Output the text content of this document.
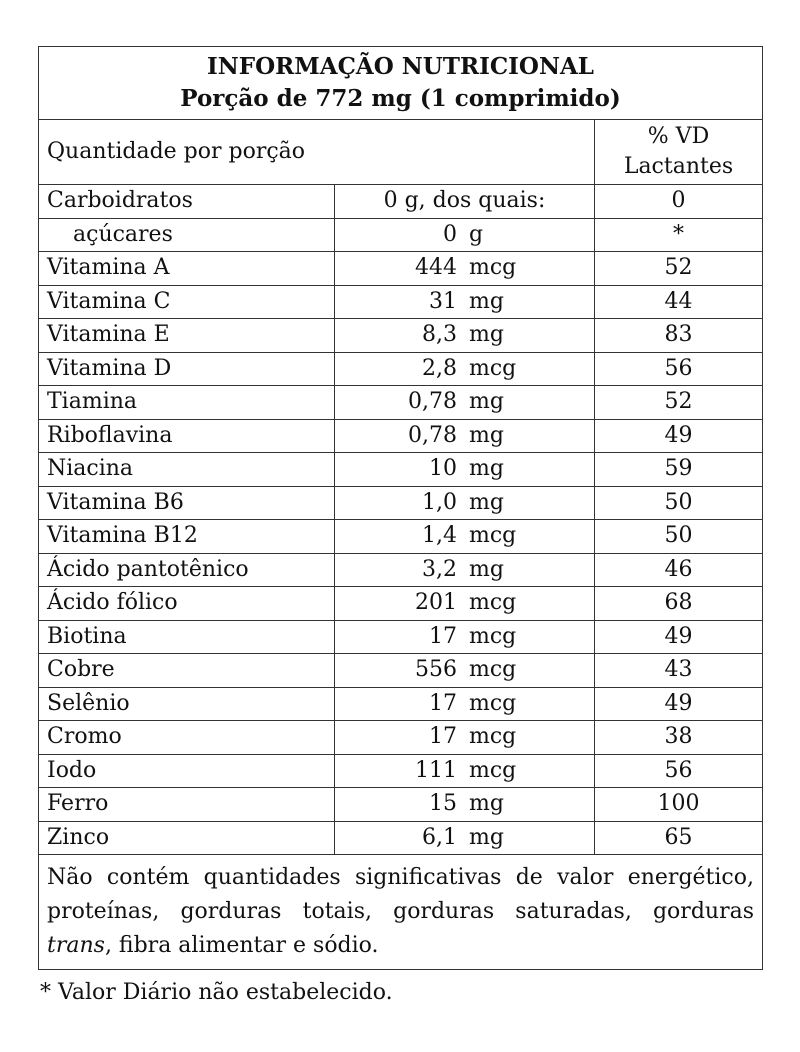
INFORMAÇÃO NUTRICIONAL
Porção de 772 mg (1 comprimido)		

Quantidade por porção		% VD
Lactantes

Carboidratos	0 g, dos quais:	0
açúcares	0 g	*
Vitamina A	444 mcg	52
Vitamina C	31 mg	44
Vitamina E	8,3 mg	83
Vitamina D	2,8 mcg	56
Tiamina	0,78 mg	52
Riboflavina	0,78 mg	49
Niacina	10 mg	59
Vitamina B6	1,0 mg	50
Vitamina B12	1,4 mcg	50
Ácido pantotênico	3,2 mg	46
Ácido fólico	201 mcg	68
Biotina	17 mcg	49
Cobre	556 mcg	43
Selênio	17 mcg	49
Cromo	17 mcg	38
Iodo	111 mcg	56
Ferro	15 mg	100
Zinco	6,1 mg	65
Não contém quantidades significativas de valor energético, proteínas, gorduras totais, gorduras saturadas, gorduras trans, fibra alimentar e sódio.		
* Valor Diário não estabelecido.
